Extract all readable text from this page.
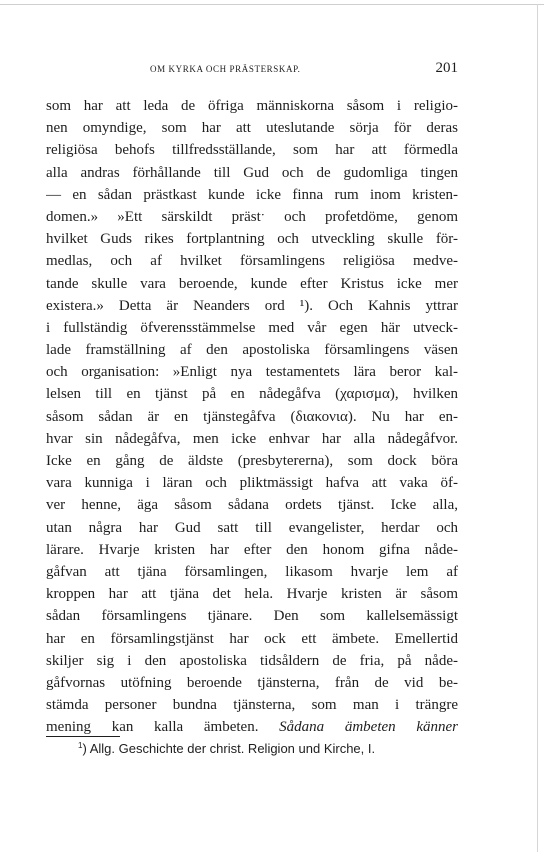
OM KYRKA OCH PRÄSTERSKAP.	201
som har att leda de öfriga människorna såsom i religio-
nen omyndige, som har att uteslutande sörja för deras
religiösa behofs tillfredsställande, som har att förmedla
alla andras förhållande till Gud och de gudomliga tingen
— en sådan prästkast kunde icke finna rum inom kristen-
domen.» »Ett särskildt prästˑ och profetdöme, genom
hvilket Guds rikes fortplantning och utveckling skulle för-
medlas, och af hvilket församlingens religiösa medve-
tande skulle vara beroende, kunde efter Kristus icke mer
existera.» Detta är Neanders ord ¹). Och Kahnis yttrar
i fullständig öfverensstämmelse med vår egen här utveck-
lade framställning af den apostoliska församlingens väsen
och organisation: »Enligt nya testamentets lära beror kal-
lelsen till en tjänst på en nådegåfva (χαρισμα), hvilken
såsom sådan är en tjänstegåfva (διακονια). Nu har en-
hvar sin nådegåfva, men icke enhvar har alla nådegåfvor.
Icke en gång de äldste (presbytererna), som dock böra
vara kunniga i läran och pliktmässigt hafva att vaka öf-
ver henne, äga såsom sådana ordets tjänst. Icke alla,
utan några har Gud satt till evangelister, herdar och
lärare. Hvarje kristen har efter den honom gifna nåde-
gåfvan att tjäna församlingen, likasom hvarje lem af
kroppen har att tjäna det hela. Hvarje kristen är såsom
sådan församlingens tjänare. Den som kallelsemässigt
har en församlingstjänst har ock ett ämbete. Emellertid
skiljer sig i den apostoliska tidsåldern de fria, på nåde-
gåfvornas utöfning beroende tjänsterna, från de vid be-
stämda personer bundna tjänsterna, som man i trängre
mening kan kalla ämbeten. Sådana ämbeten känner
$^1$) Allg. Geschichte der christ. Religion und Kirche, I.
